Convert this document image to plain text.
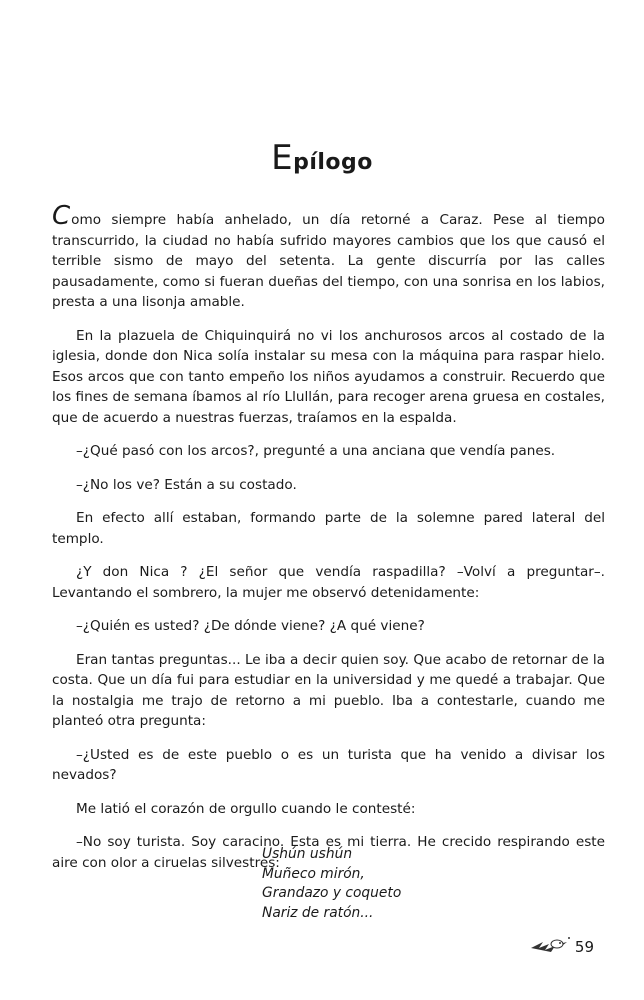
Epílogo

Como siempre había anhelado, un día retorné a Caraz. Pese al tiempo transcurrido, la ciudad no había sufrido mayores cambios que los que causó el terrible sismo de mayo del setenta. La gente discurría por las calles pausadamente, como si fueran dueñas del tiempo, con una sonrisa en los labios, presta a una lisonja amable.

En la plazuela de Chiquinquirá no vi los anchurosos arcos al costado de la iglesia, donde don Nica solía instalar su mesa con la máquina para raspar hielo. Esos arcos que con tanto empeño los niños ayudamos a construir. Recuerdo que los fines de semana íbamos al río Llullán, para recoger arena gruesa en costales, que de acuerdo a nuestras fuerzas, traíamos en la espalda.

–¿Qué pasó con los arcos?, pregunté a una anciana que vendía panes.

–¿No los ve? Están a su costado.

En efecto allí estaban, formando parte de la solemne pared lateral del templo.

¿Y don Nica ? ¿El señor que vendía raspadilla? –Volví a preguntar–. Levantando el sombrero, la mujer me observó detenidamente:

–¿Quién es usted? ¿De dónde viene? ¿A qué viene?

Eran tantas preguntas... Le iba a decir quien soy. Que acabo de retornar de la costa. Que un día fui para estudiar en la universidad y me quedé a trabajar. Que la nostalgia me trajo de retorno a mi pueblo. Iba a contestarle, cuando me planteó otra pregunta:

–¿Usted es de este pueblo o es un turista que ha venido a divisar los nevados?

Me latió el corazón de orgullo cuando le contesté:

–No soy turista. Soy caracino. Esta es mi tierra. He crecido respirando este aire con olor a ciruelas silvestres:

Ushún ushún
Muñeco mirón,
Grandazo y coqueto
Nariz de ratón...
59
